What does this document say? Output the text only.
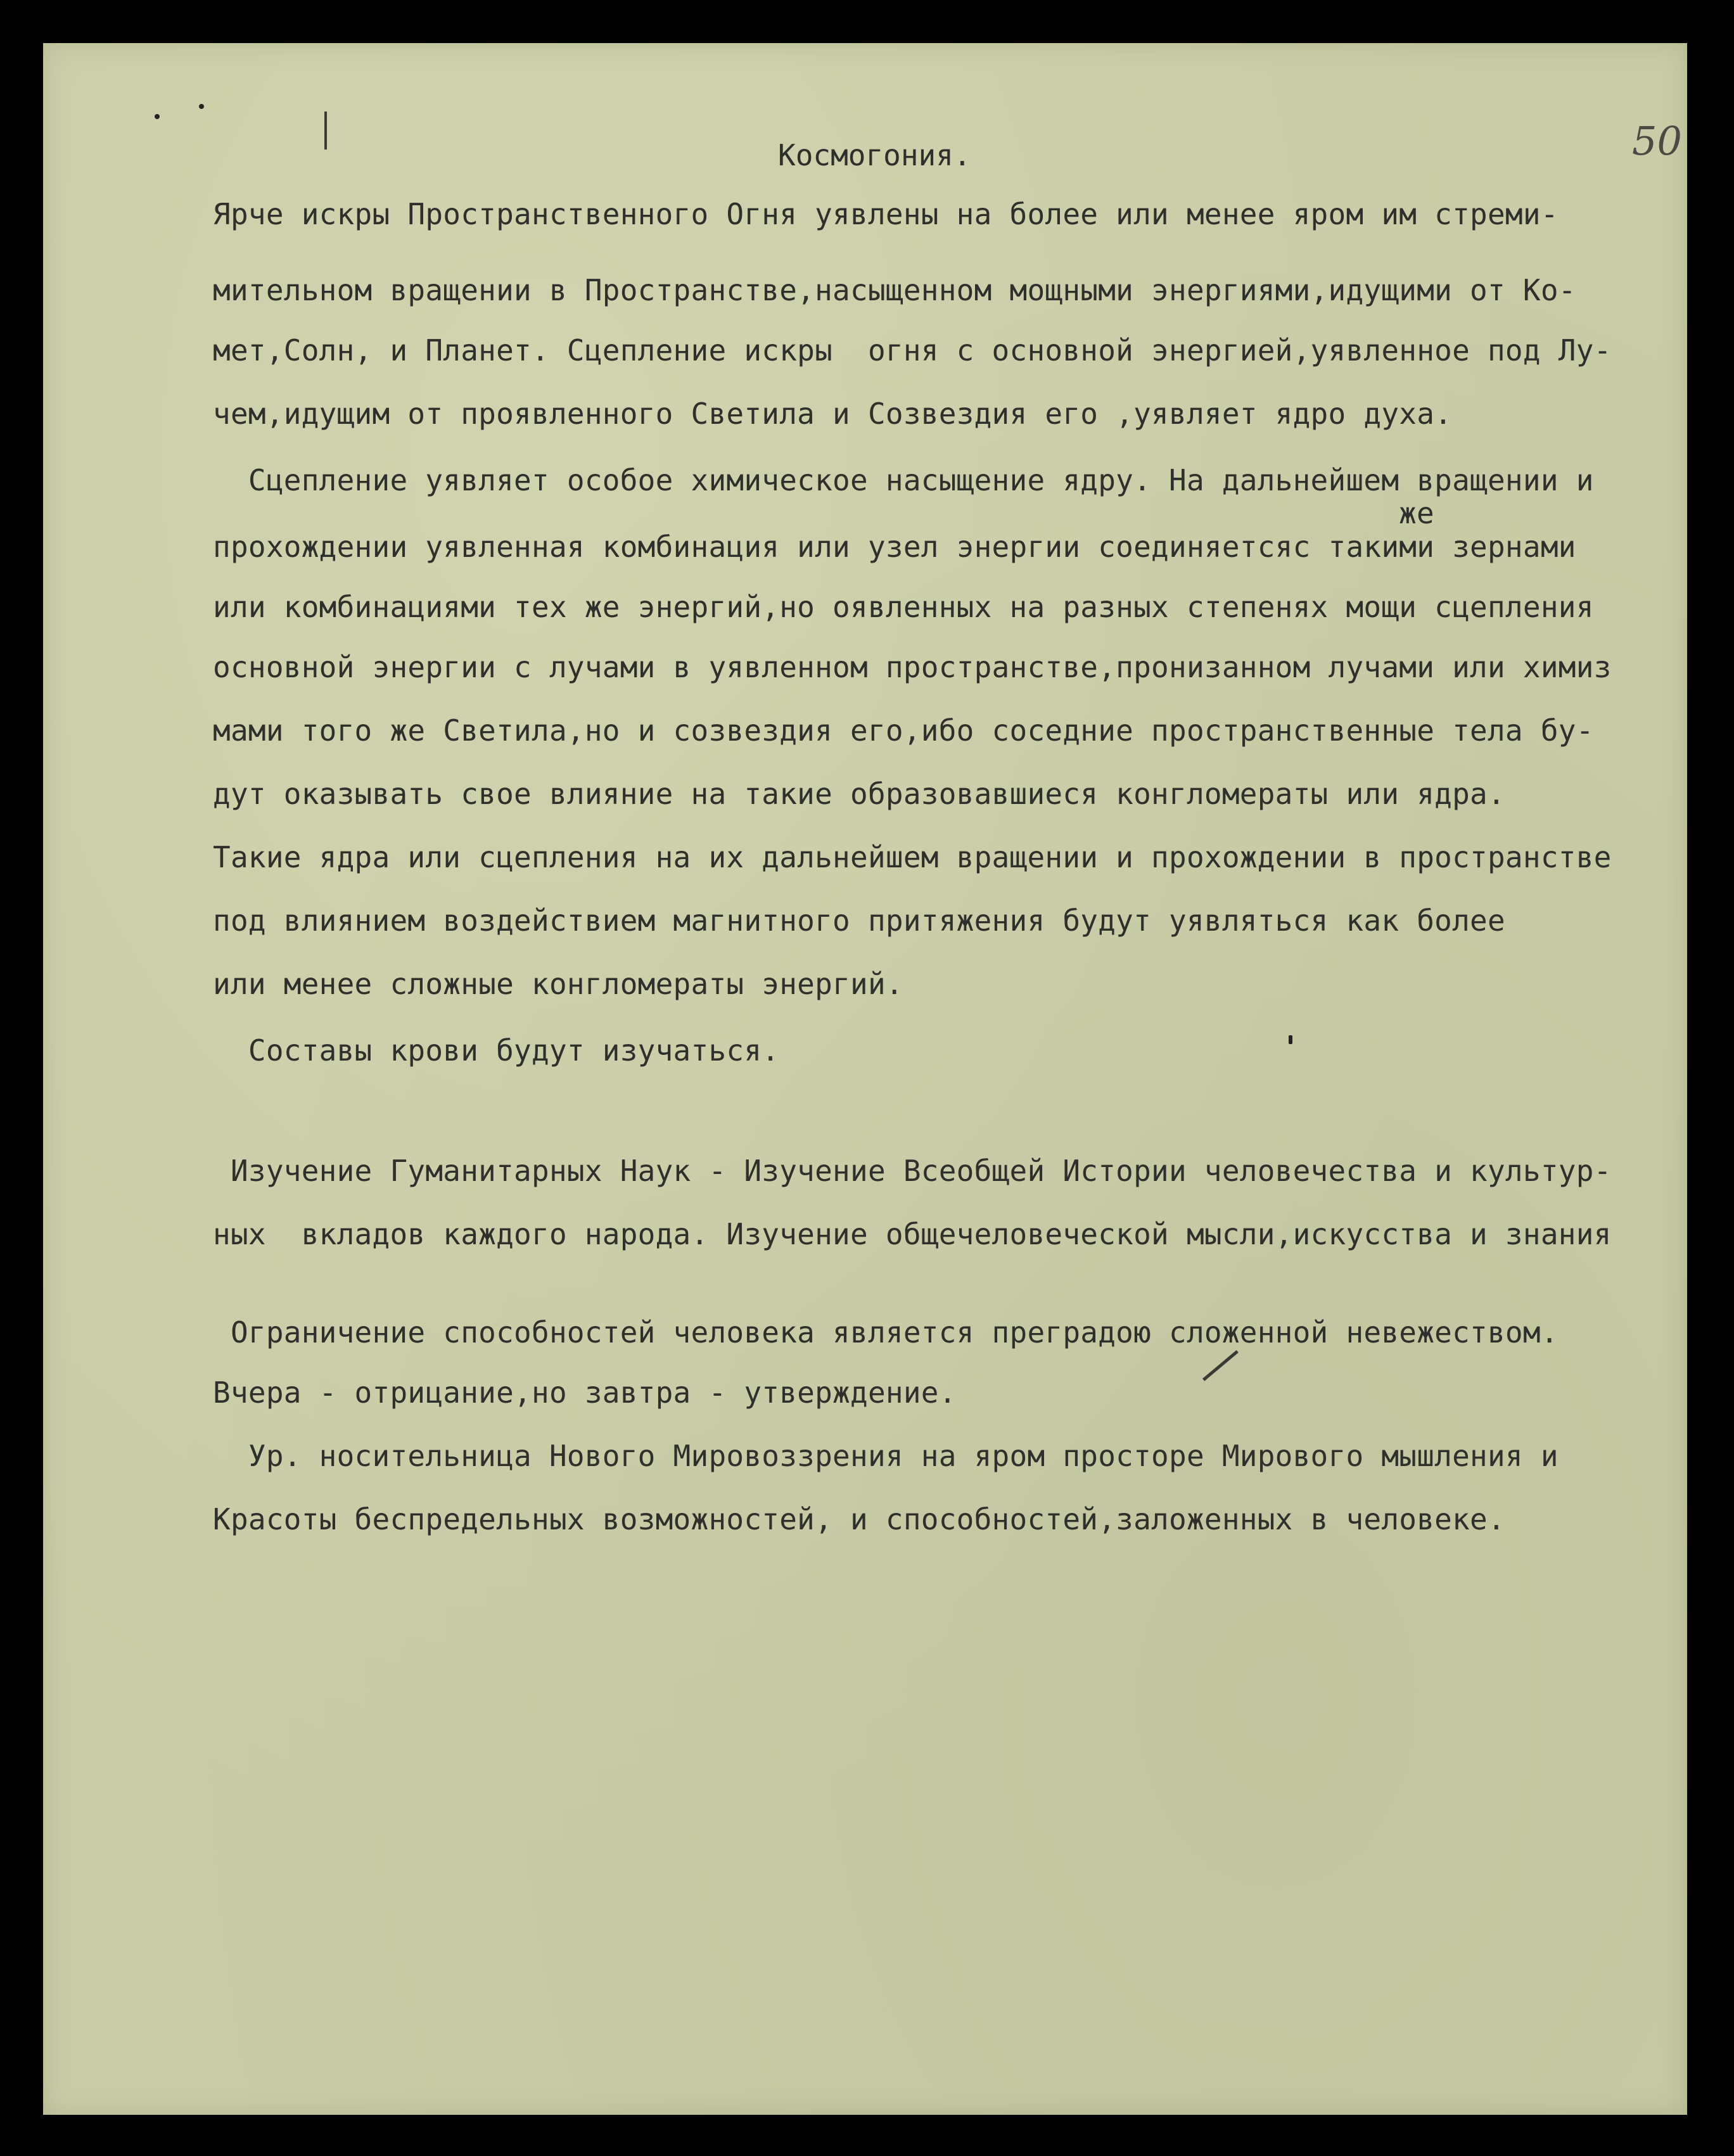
50
Космогония.
Ярче искры Пространственного Огня уявлены на более или менее яром им стреми-
мительном вращении в Пространстве,насыщенном мощными энергиями,идущими от Ко-
мет,Солн, и Планет. Сцепление искры  огня с основной энергией,уявленное под Лу-
чем,идущим от проявленного Светила и Созвездия его ,уявляет ядро духа.
Сцепление уявляет особое химическое насыщение ядру. На дальнейшем вращении и
же
прохождении уявленная комбинация или узел энергии соединяетсяс такими зернами
или комбинациями тех же энергий,но оявленных на разных степенях мощи сцепления
основной энергии с лучами в уявленном пространстве,пронизанном лучами или химиз
мами того же Светила,но и созвездия его,ибо соседние пространственные тела бу-
дут оказывать свое влияние на такие образовавшиеся конгломераты или ядра.
Такие ядра или сцепления на их дальнейшем вращении и прохождении в пространстве
под влиянием воздействием магнитного притяжения будут уявляться как более
или менее сложные конгломераты энергий.
Составы крови будут изучаться.
Изучение Гуманитарных Наук - Изучение Всеобщей Истории человечества и культур-
ных  вкладов каждого народа. Изучение общечеловеческой мысли,искусства и знания
Ограничение способностей человека является преградою сложенной невежеством.
Вчера - отрицание,но завтра - утверждение.
Ур. носительница Нового Мировоззрения на яром просторе Мирового мышления и
Красоты беспредельных возможностей, и способностей,заложенных в человеке.
